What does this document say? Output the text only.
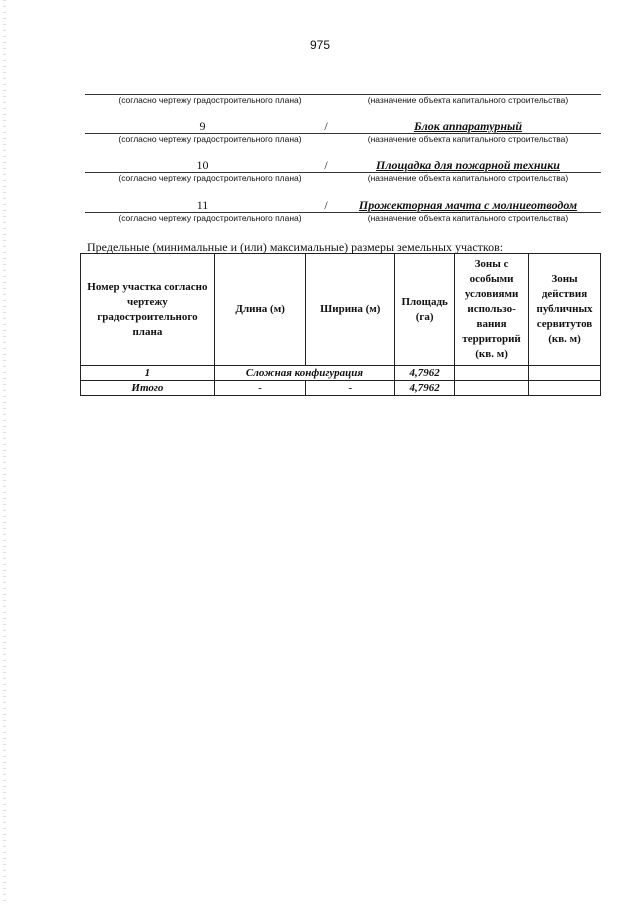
975
(согласно чертежу градостроительного плана)	(назначение объекта капитального строительства)
9	/	Блок аппаратурный
(согласно чертежу градостроительного плана)	(назначение объекта капитального строительства)
10	/	Площадка для пожарной техники
(согласно чертежу градостроительного плана)	(назначение объекта капитального строительства)
11	/	Прожекторная мачта с молниеотводом
(согласно чертежу градостроительного плана)	(назначение объекта капитального строительства)
Предельные (минимальные и (или) максимальные) размеры земельных участков:
Номер участка согласно чертежу градостроительного плана	Длина (м)	Ширина (м)	Площадь (га)	Зоны с особыми условиями использо-вания территорий (кв. м)	Зоны действия публичных сервитутов (кв. м)
1	Сложная конфигурация		4,7962		
Итого	-	-	4,7962		
